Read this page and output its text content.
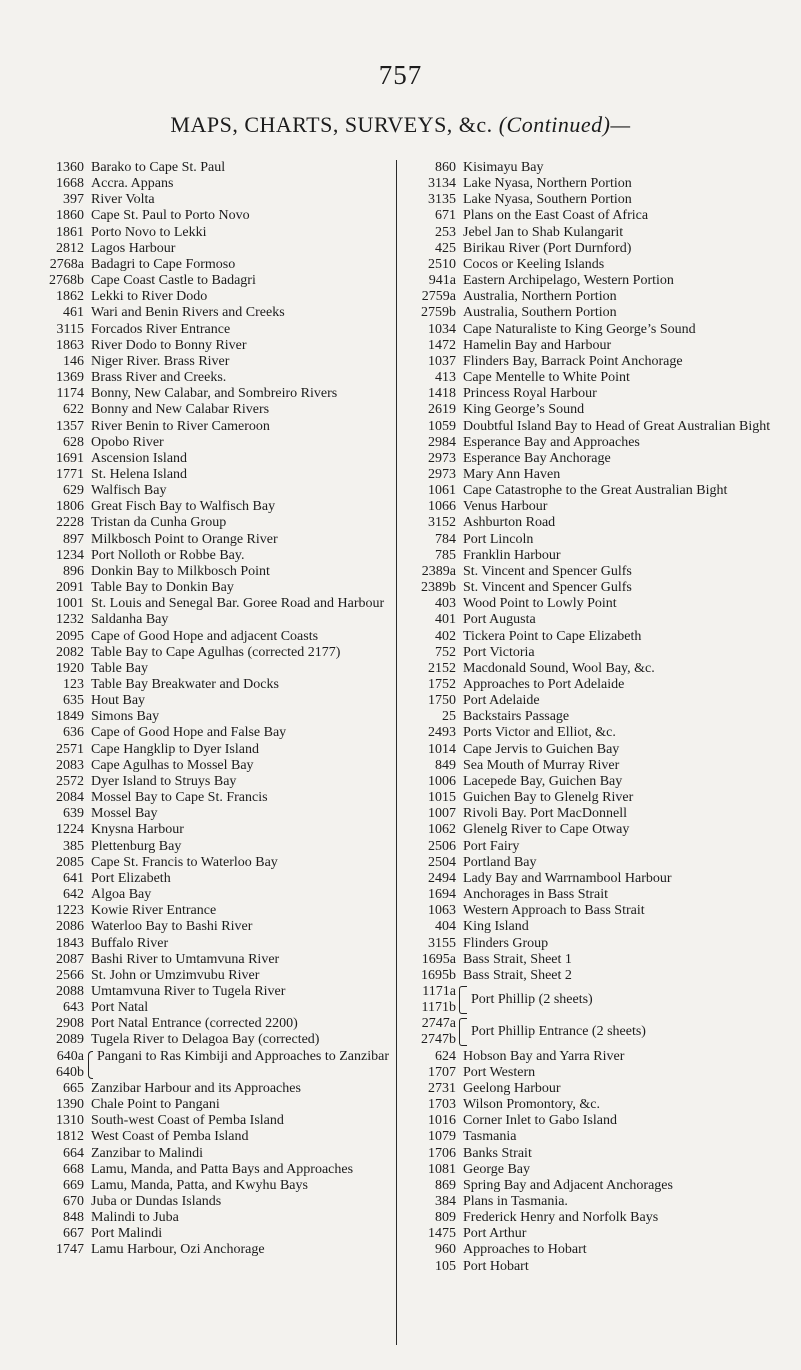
757
MAPS, CHARTS, SURVEYS, &c. (Continued)—
1360 Barako to Cape St. Paul
1668 Accra. Appans
397 River Volta
1860 Cape St. Paul to Porto Novo
1861 Porto Novo to Lekki
2812 Lagos Harbour
2768a Badagri to Cape Formoso
2768b Cape Coast Castle to Badagri
1862 Lekki to River Dodo
461 Wari and Benin Rivers and Creeks
3115 Forcados River Entrance
1863 River Dodo to Bonny River
146 Niger River. Brass River
1369 Brass River and Creeks.
1174 Bonny, New Calabar, and Sombreiro Rivers
622 Bonny and New Calabar Rivers
1357 River Benin to River Cameroon
628 Opobo River
1691 Ascension Island
1771 St. Helena Island
629 Walfisch Bay
1806 Great Fisch Bay to Walfisch Bay
2228 Tristan da Cunha Group
897 Milkbosch Point to Orange River
1234 Port Nolloth or Robbe Bay.
896 Donkin Bay to Milkbosch Point
2091 Table Bay to Donkin Bay
1001 St. Louis and Senegal Bar. Goree Road and Harbour
1232 Saldanha Bay
2095 Cape of Good Hope and adjacent Coasts
2082 Table Bay to Cape Agulhas (corrected 2177)
1920 Table Bay
123 Table Bay Breakwater and Docks
635 Hout Bay
1849 Simons Bay
636 Cape of Good Hope and False Bay
2571 Cape Hangklip to Dyer Island
2083 Cape Agulhas to Mossel Bay
2572 Dyer Island to Struys Bay
2084 Mossel Bay to Cape St. Francis
639 Mossel Bay
1224 Knysna Harbour
385 Plettenburg Bay
2085 Cape St. Francis to Waterloo Bay
641 Port Elizabeth
642 Algoa Bay
1223 Kowie River Entrance
2086 Waterloo Bay to Bashi River
1843 Buffalo River
2087 Bashi River to Umtamvuna River
2566 St. John or Umzimvubu River
2088 Umtamvuna River to Tugela River
643 Port Natal
2908 Port Natal Entrance (corrected 2200)
2089 Tugela River to Delagoa Bay (corrected)
640a
640b
Pangani to Ras Kimbiji and Approaches to Zanzibar
665 Zanzibar Harbour and its Approaches
1390 Chale Point to Pangani
1310 South-west Coast of Pemba Island
1812 West Coast of Pemba Island
664 Zanzibar to Malindi
668 Lamu, Manda, and Patta Bays and Approaches
669 Lamu, Manda, Patta, and Kwyhu Bays
670 Juba or Dundas Islands
848 Malindi to Juba
667 Port Malindi
1747 Lamu Harbour, Ozi Anchorage
860 Kisimayu Bay
3134 Lake Nyasa, Northern Portion
3135 Lake Nyasa, Southern Portion
671 Plans on the East Coast of Africa
253 Jebel Jan to Shab Kulangarit
425 Birikau River (Port Durnford)
2510 Cocos or Keeling Islands
941a Eastern Archipelago, Western Portion
2759a Australia, Northern Portion
2759b Australia, Southern Portion
1034 Cape Naturaliste to King George’s Sound
1472 Hamelin Bay and Harbour
1037 Flinders Bay, Barrack Point Anchorage
413 Cape Mentelle to White Point
1418 Princess Royal Harbour
2619 King George’s Sound
1059 Doubtful Island Bay to Head of Great Australian Bight
2984 Esperance Bay and Approaches
2973 Esperance Bay Anchorage
2973 Mary Ann Haven
1061 Cape Catastrophe to the Great Australian Bight
1066 Venus Harbour
3152 Ashburton Road
784 Port Lincoln
785 Franklin Harbour
2389a St. Vincent and Spencer Gulfs
2389b St. Vincent and Spencer Gulfs
403 Wood Point to Lowly Point
401 Port Augusta
402 Tickera Point to Cape Elizabeth
752 Port Victoria
2152 Macdonald Sound, Wool Bay, &c.
1752 Approaches to Port Adelaide
1750 Port Adelaide
25 Backstairs Passage
2493 Ports Victor and Elliot, &c.
1014 Cape Jervis to Guichen Bay
849 Sea Mouth of Murray River
1006 Lacepede Bay, Guichen Bay
1015 Guichen Bay to Glenelg River
1007 Rivoli Bay. Port MacDonnell
1062 Glenelg River to Cape Otway
2506 Port Fairy
2504 Portland Bay
2494 Lady Bay and Warrnambool Harbour
1694 Anchorages in Bass Strait
1063 Western Approach to Bass Strait
404 King Island
3155 Flinders Group
1695a Bass Strait, Sheet 1
1695b Bass Strait, Sheet 2
1171a
1171b
Port Phillip (2 sheets)
2747a
2747b
Port Phillip Entrance (2 sheets)
624 Hobson Bay and Yarra River
1707 Port Western
2731 Geelong Harbour
1703 Wilson Promontory, &c.
1016 Corner Inlet to Gabo Island
1079 Tasmania
1706 Banks Strait
1081 George Bay
869 Spring Bay and Adjacent Anchorages
384 Plans in Tasmania.
809 Frederick Henry and Norfolk Bays
1475 Port Arthur
960 Approaches to Hobart
105 Port Hobart
